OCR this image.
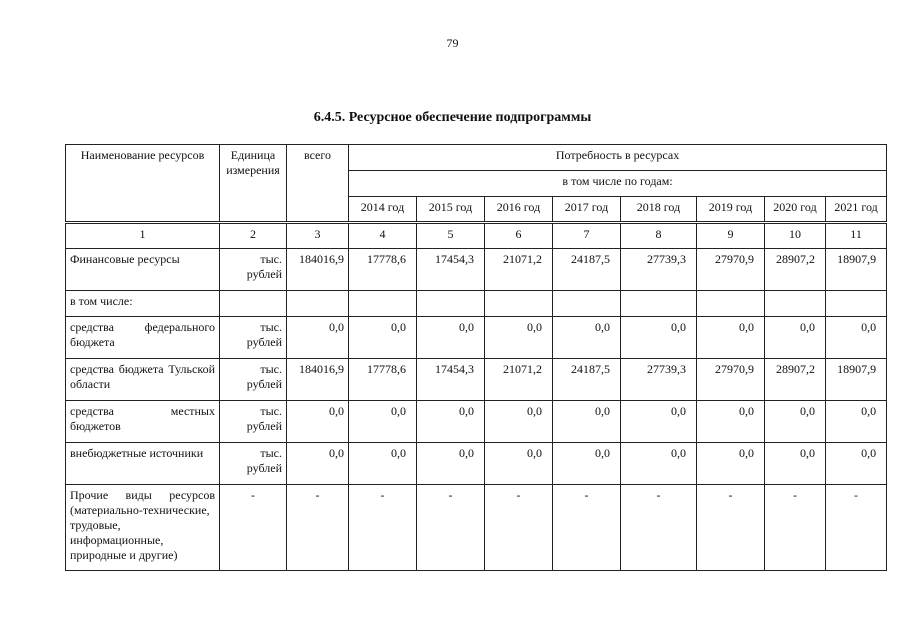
79
6.4.5. Ресурсное обеспечение подпрограммы
Наименование ресурсов	Единица измерения	всего	Потребность в ресурсах							
			в том числе по годам:							
			2014 год	2015 год	2016 год	2017 год	2018 год	2019 год	2020 год	2021 год
1	2	3	4	5	6	7	8	9	10	11
Финансовые ресурсы	тыс. рублей	184016,9	17778,6	17454,3	21071,2	24187,5	27739,3	27970,9	28907,2	18907,9
в том числе:										
средства федерального бюджета	тыс. рублей	0,0	0,0	0,0	0,0	0,0	0,0	0,0	0,0	0,0
средства бюджета Тульской области	тыс. рублей	184016,9	17778,6	17454,3	21071,2	24187,5	27739,3	27970,9	28907,2	18907,9
средства местных бюджетов	тыс. рублей	0,0	0,0	0,0	0,0	0,0	0,0	0,0	0,0	0,0
внебюджетные источники	тыс. рублей	0,0	0,0	0,0	0,0	0,0	0,0	0,0	0,0	0,0
Прочие виды ресурсов (материально-технические, трудовые, информационные, природные и другие)	-	-	-	-	-	-	-	-	-	-
